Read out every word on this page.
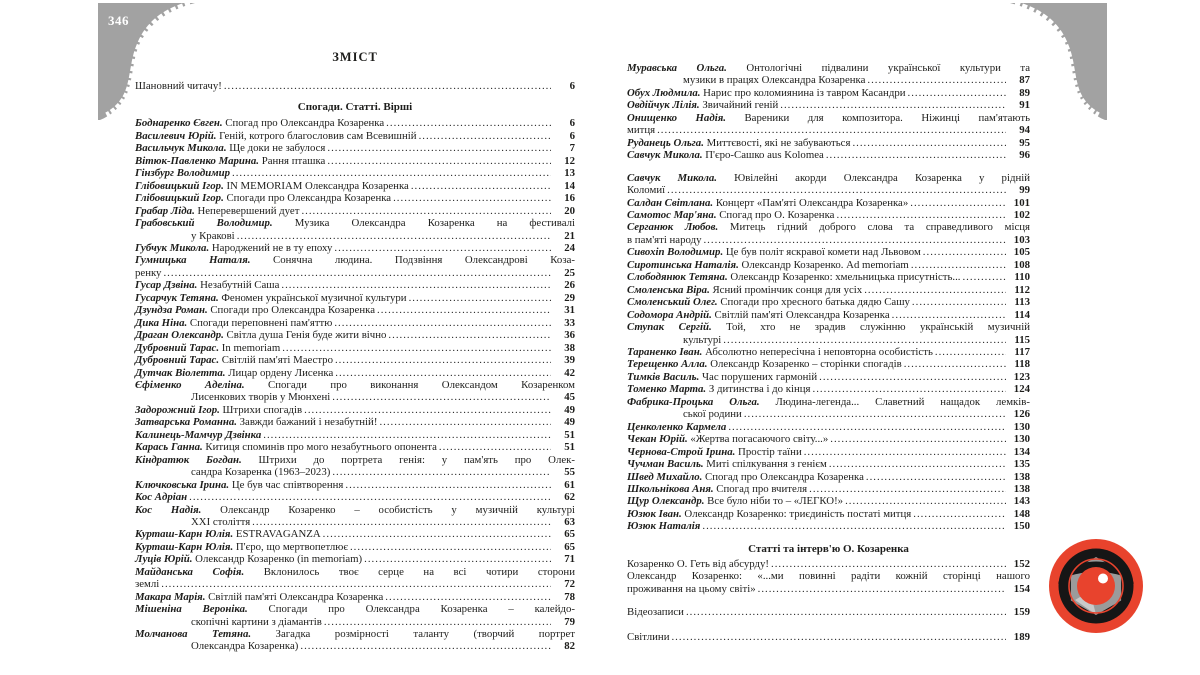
346	347
ЗМІСТ
Шановний читачу! .....	6
Спогади. Статті. Вірші
Боднаренко Євген. Спогад про Олександра Козаренка .....	6
Василевич Юрій. Геній, котрого благословив сам Всевишній .....	6
Васильчук Микола. Ще доки не забулося .....	7
Вітюк-Павленко Марина. Рання пташка .....	12
Гінзбург Володимир .....	13
Глібовицький Ігор. IN MEMORIAM Олександра Козаренка .....	14
Глібовицький Ігор. Спогади про Олександра Козаренка .....	16
Грабар Ліда. Неперевершений дует .....	20
Грабовський Володимир. Музика Олександра Козаренка на фестивалі
у Кракові .....	21
Губчук Микола. Народжений не в ту епоху .....	24
Гумницька Наталя. Сонячна людина. Подзвіння Олександрові Коза-
ренку .....	25
Гусар Дзвіна. Незабутній Саша .....	26
Гусарчук Тетяна. Феномен української музичної культури .....	29
Дзундза Роман. Спогади про Олександра Козаренка .....	31
Дика Ніна. Спогади переповнені пам'яттю .....	33
Драган Олександр. Світла душа Генія буде жити вічно .....	36
Дубровний Тарас. In memoriam .....	38
Дубровний Тарас. Світлій пам'яті Маестро .....	39
Дутчак Віолетта. Лицар ордену Лисенка .....	42
Єфіменко Аделіна. Спогади про виконання Олександом Козаренком
Лисенкових творів у Мюнхені .....	45
Задорожний Ігор. Штрихи спогадів .....	49
Затварська Романна. Завжди бажаний і незабутній! .....	49
Калинець-Мамчур Дзвінка .....	51
Карась Ганна. Китиця споминів про мого незабутнього опонента .....	51
Кіндратюк Богдан. Штрихи до портрета генія: у пам'ять про Олек-
сандра Козаренка (1963–2023) .....	55
Ключковська Ірина. Це був час співтворення .....	61
Кос Адріан .....	62
Кос Надія. Олександр Козаренко – особистість у музичній культурі
ХХІ століття .....	63
Курташ-Карн Юлія. ESTRAVAGANZA .....	65
Курташ-Карн Юлія. П'єро, що мертвопетлює .....	65
Луців Юрій. Олександр Козаренко (in memoriam) .....	71
Майданська Софія. Вклонилось твоє серце на всі чотири сторони
землі .....	72
Макара Марія. Світлій пам'яті Олександра Козаренка .....	78
Мішеніна Вероніка. Спогади про Олександра Козаренка – калейдо-
скопічні картини з діамантів .....	79
Молчанова Тетяна. Загадка розмірності таланту (творчий портрет
Олександра Козаренка) .....	82
Муравська Ольга. Онтологічні підвалини української культури та
музики в працях Олександра Козаренка .....	87
Обух Людмила. Нарис про коломиянина із тавром Касандри .....	89
Овдійчук Лілія. Звичайний геній .....	91
Онищенко Надія. Вареники для композитора. Ніжинці пам'ятають
митця .....	94
Руданець Ольга. Миттєвості, які не забуваються .....	95
Савчук Микола. П'єро-Сашко aus Kolomea .....	96
Савчук Микола. Ювілейні акорди Олександра Козаренка у рідній
Коломиї .....	99
Салдан Світлана. Концерт «Пам'яті Олександра Козаренка» .....	101
Самотос Мар'яна. Спогад про О. Козаренка .....	102
Серганюк Любов. Митець гідний доброго слова та справедливого місця
в пам'яті народу .....	103
Сивохіп Володимир. Це був політ яскравої комети над Львовом .....	105
Сиротинська Наталія. Олександр Козаренко. Ad memoriam .....	108
Слободянюк Тетяна. Олександр Козаренко: хмельницька присутність... .....	110
Смоленська Віра. Ясний промінчик сонця для усіх .....	112
Смоленський Олег. Спогади про хресного батька дядю Сашу .....	113
Содомора Андрій. Світлій пам'яті Олександра Козаренка .....	114
Ступак Сергій. Той, хто не зрадив служінню українській музичній
культурі .....	115
Тараненко Іван. Абсолютно непересічна і неповторна особистість .....	117
Терещенко Алла. Олександр Козаренко – сторінки спогадів .....	118
Тимків Василь. Час порушених гармоній .....	123
Томенко Марта. З дитинства і до кінця .....	124
Фабрика-Процька Ольга. Людина-легенда... Славетний нащадок лемків-
ської родини .....	126
Ценколенко Кармела .....	130
Чекан Юрій. «Жертва погасаючого світу...» .....	130
Чернова-Строй Ірина. Простір таїни .....	134
Чучман Василь. Миті спілкування з генієм .....	135
Швед Михайло. Спогад про Олександра Козаренка .....	138
Школьнікова Аня. Спогад про вчителя .....	138
Щур Олександр. Все було ніби то – «ЛЕГКО!» .....	143
Юзюк Іван. Олександр Козаренко: триєдиність постаті митця .....	148
Юзюк Наталія .....	150
Статті та інтерв'ю О. Козаренка
Козаренко О. Геть від абсурду! .....	152
Олександр Козаренко: «...ми повинні радіти кожній сторінці нашого
проживання на цьому світі» .....	154
Відеозаписи .....	159
Світлини .....	189
